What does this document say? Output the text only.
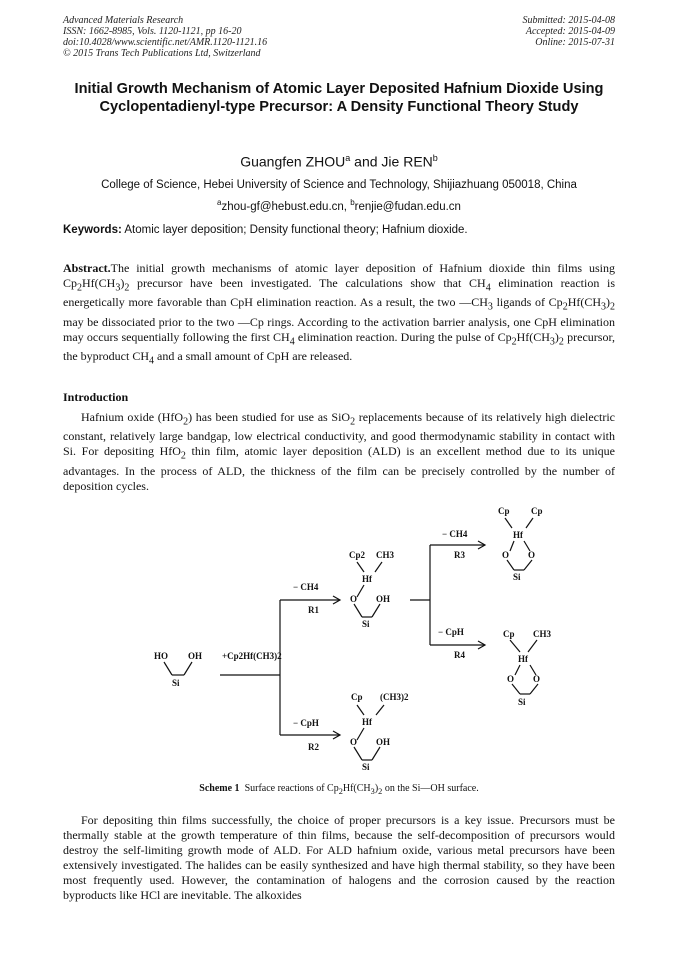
Advanced Materials Research
ISSN: 1662-8985, Vols. 1120-1121, pp 16-20
doi:10.4028/www.scientific.net/AMR.1120-1121.16
© 2015 Trans Tech Publications Ltd, Switzerland
Submitted: 2015-04-08
Accepted: 2015-04-09
Online: 2015-07-31
Initial Growth Mechanism of Atomic Layer Deposited Hafnium Dioxide Using Cyclopentadienyl-type Precursor: A Density Functional Theory Study
Guangfen ZHOU$^a$ and Jie REN$^b$
College of Science, Hebei University of Science and Technology, Shijiazhuang 050018, China
$^a$zhou-gf@hebust.edu.cn, $^b$renjie@fudan.edu.cn
Keywords: Atomic layer deposition; Density functional theory; Hafnium dioxide.
Abstract.The initial growth mechanisms of atomic layer deposition of Hafnium dioxide thin films using $Cp_2Hf(CH_3)_2$ precursor have been investigated. The calculations show that $CH_4$ elimination reaction is energetically more favorable than CpH elimination reaction. As a result, the two $—CH_3$ ligands of $Cp_2Hf(CH_3)_2$ may be dissociated prior to the two —Cp rings. According to the activation barrier analysis, one CpH elimination may occurs sequentially following the first $CH_4$ elimination reaction. During the pulse of $Cp_2Hf(CH_3)_2$ precursor, the byproduct $CH_4$ and a small amount of CpH are released.
Introduction
Hafnium oxide (HfO$_2$) has been studied for use as SiO$_2$ replacements because of its relatively high dielectric constant, relatively large bandgap, low electrical conductivity, and good thermodynamic stability in contact with Si. For depositing HfO$_2$ thin film, atomic layer deposition (ALD) is an excellent method due to its unique advantages. In the process of ALD, the thickness of the film can be precisely controlled by the number of deposition cycles.
HO OH
Si
+Cp2Hf(CH3)2
− CH4
R1
− CpH
R2
− CH4
R3
− CpH
R4
Cp2 CH3
Hf
O OH
Si
Cp (CH3)2
Hf
O OH
Si
Cp Cp
Hf
O O
Si
Cp CH3
Hf
O O
Si
Scheme 1 Surface reactions of $Cp_2Hf(CH_3)_2$ on the Si—OH surface.
For depositing thin films successfully, the choice of proper precursors is a key issue. Precursors must be thermally stable at the growth temperature of thin films, because the self-decomposition of precursors would destroy the self-limiting growth mode of ALD. For ALD hafnium oxide, various metal precursors have been extensively investigated. The halides can be easily synthesized and have high thermal stability, so they have been most frequently used. However, the contamination of halogens and the corrosion caused by the reaction byproducts like HCl are inevitable. The alkoxides
